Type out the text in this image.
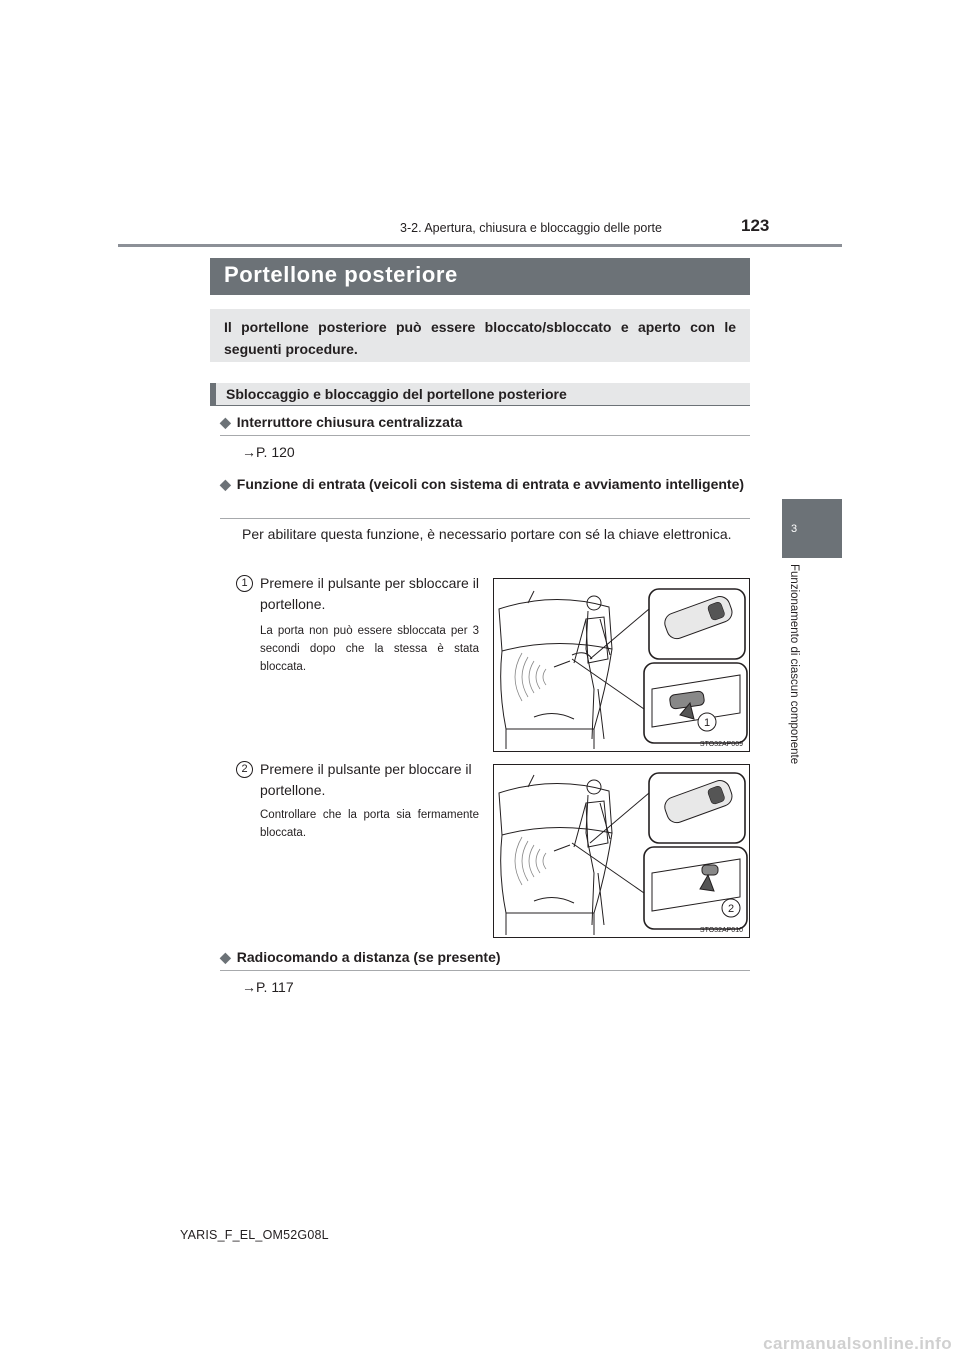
3-2. Apertura, chiusura e bloccaggio delle porte	123
3
Funzionamento di ciascun componente
Portellone posteriore
Il portellone posteriore può essere bloccato/sbloccato e aperto con le seguenti procedure.
Sbloccaggio e bloccaggio del portellone posteriore
◆ Interruttore chiusura centralizzata
→P. 120
◆ Funzione di entrata (veicoli con sistema di entrata e avviamento intelligente)
Per abilitare questa funzione, è necessario portare con sé la chiave elettronica.
1 Premere il pulsante per sbloccare il portellone.
La porta non può essere sbloccata per 3 secondi dopo che la stessa è stata bloccata.
1
STO32AP009
2 Premere il pulsante per bloccare il portellone.
Controllare che la porta sia fermamente bloccata.
2
STO32AP010
◆ Radiocomando a distanza (se presente)
→P. 117
YARIS_F_EL_OM52G08L
carmanualsonline.info
